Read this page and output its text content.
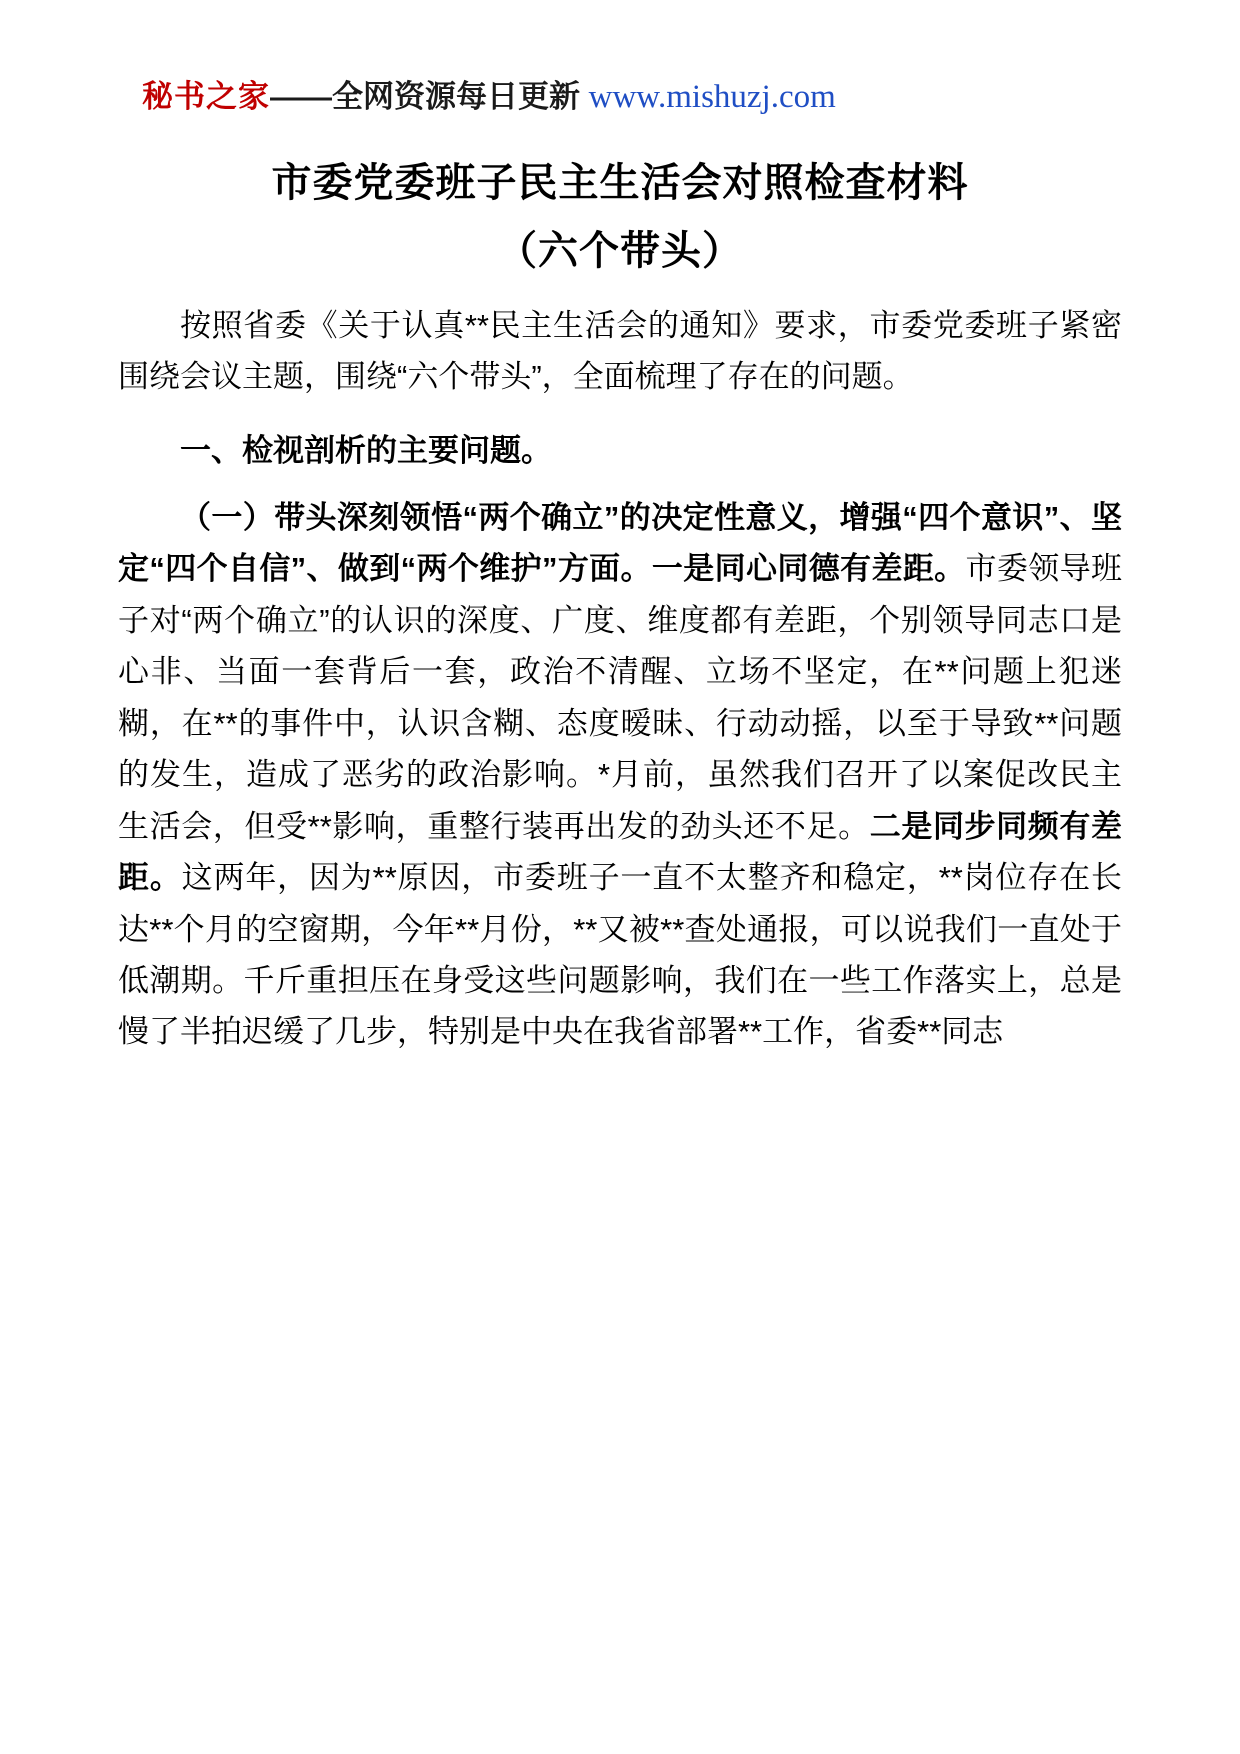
秘书之家——全网资源每日更新 www.mishuzj.com
市委党委班子民主生活会对照检查材料
（六个带头）

按照省委《关于认真**民主生活会的通知》要求，市委党委班子紧密围绕会议主题，围绕“六个带头”，全面梳理了存在的问题。

一、检视剖析的主要问题。

（一）带头深刻领悟“两个确立”的决定性意义，增强“四个意识”、坚定“四个自信”、做到“两个维护”方面。一是同心同德有差距。市委领导班子对“两个确立”的认识的深度、广度、维度都有差距，个别领导同志口是心非、当面一套背后一套，政治不清醒、立场不坚定，在**问题上犯迷糊，在**的事件中，认识含糊、态度暧昧、行动动摇，以至于导致**问题的发生，造成了恶劣的政治影响。*月前，虽然我们召开了以案促改民主生活会，但受**影响，重整行装再出发的劲头还不足。二是同步同频有差距。这两年，因为**原因，市委班子一直不太整齐和稳定，**岗位存在长达**个月的空窗期，今年**月份，**又被**查处通报，可以说我们一直处于低潮期。千斤重担压在身受这些问题影响，我们在一些工作落实上，总是慢了半拍迟缓了几步，特别是中央在我省部署**工作，省委**同志
